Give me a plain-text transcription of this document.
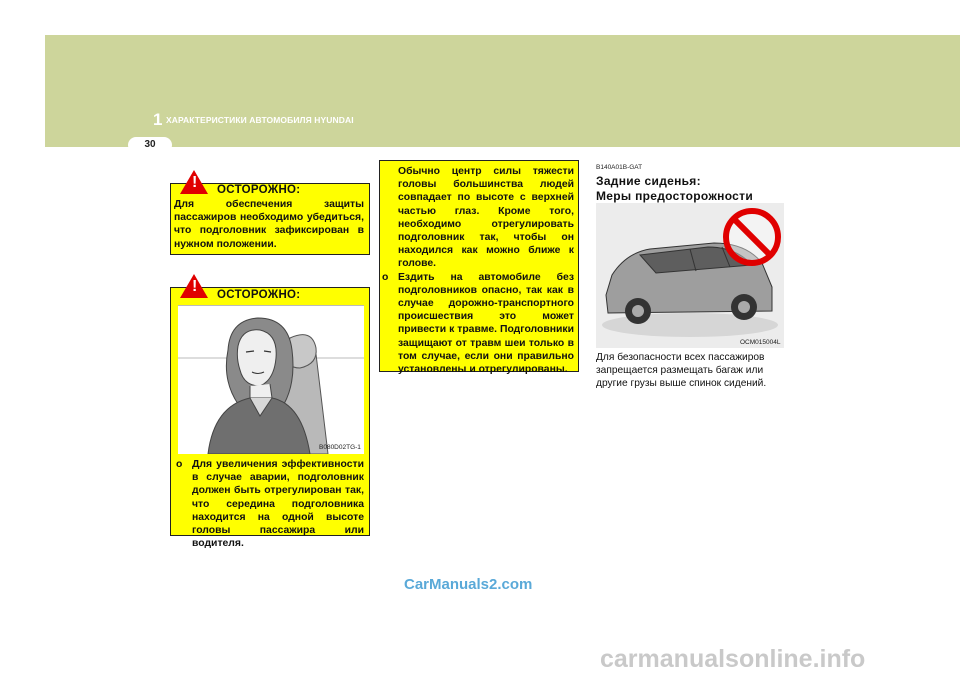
1 ХАРАКТЕРИСТИКИ АВТОМОБИЛЯ HYUNDAI
30
! ОСТОРОЖНО:
Для обеспечения защиты пассажиров необходимо убедиться, что подголовник зафиксирован в нужном положении.
! ОСТОРОЖНО:
B080D02TG-1
o Для увеличения эффективности в случае аварии, подголовник должен быть отрегулирован так, что середина подголовника находится на одной высоте головы пассажира или водителя.
Обычно центр силы тяжести головы большинства людей совпадает по высоте с верхней частью глаз. Кроме того, необходимо отрегулировать подголовник так, чтобы он находился как можно ближе к голове.
o Ездить на автомобиле без подголовников опасно, так как в случае дорожно-транспортного происшествия это может привести к травме. Подголовники защищают от травм шеи только в том случае, если они правильно установлены и отрегулированы.
B140A01B-GAT
Задние сиденья:
Меры предосторожности
OCM015004L
Для безопасности всех пассажиров запрещается размещать багаж или другие грузы выше спинок сидений.
CarManuals2.com
carmanualsonline.info
